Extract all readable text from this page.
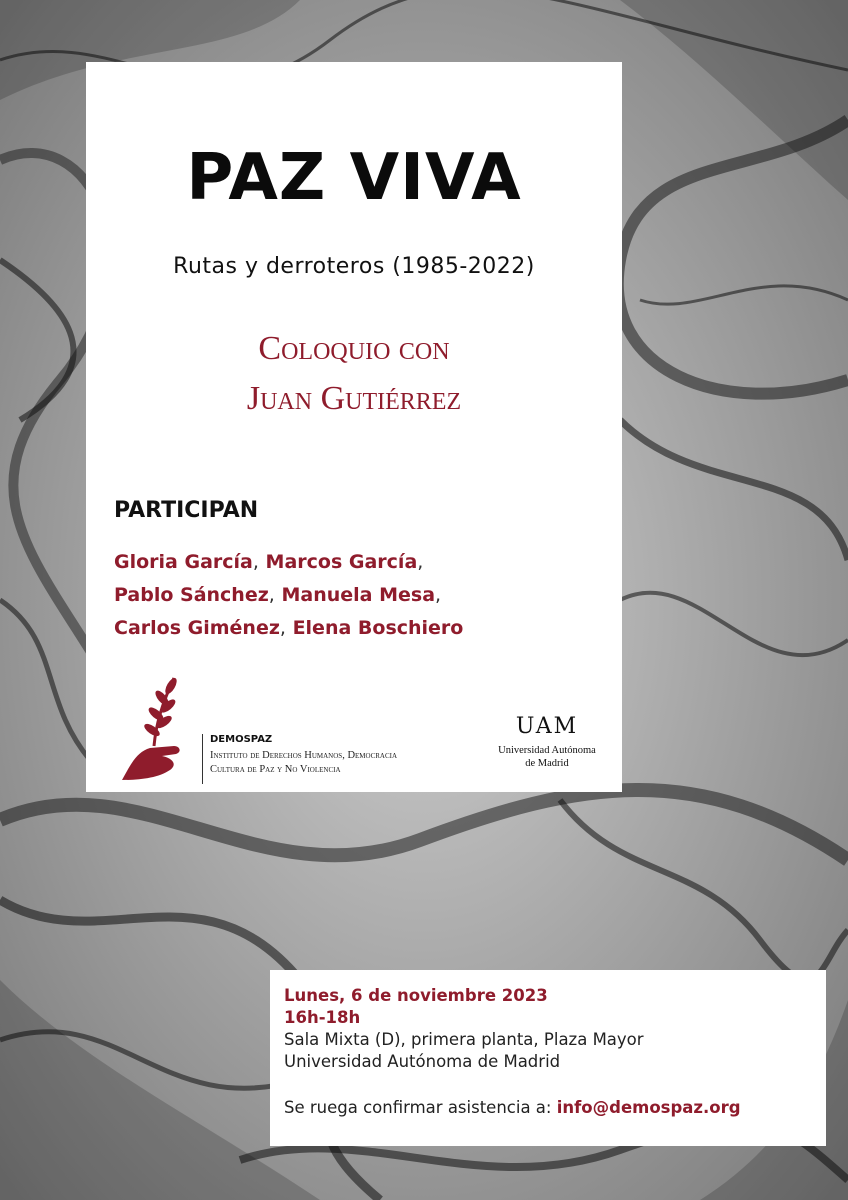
PAZ VIVA
Rutas y derroteros (1985-2022)
Coloquio con
Juan Gutiérrez
PARTICIPAN
Gloria García, Marcos García,
Pablo Sánchez, Manuela Mesa,
Carlos Giménez, Elena Boschiero
DEMOSPAZ
Instituto de Derechos Humanos, Democracia
Cultura de Paz y No Violencia
UAM
Universidad Autónoma
de Madrid
Lunes, 6 de noviembre 2023
16h-18h
Sala Mixta (D), primera planta, Plaza Mayor
Universidad Autónoma de Madrid
Se ruega confirmar asistencia a: info@demospaz.org
